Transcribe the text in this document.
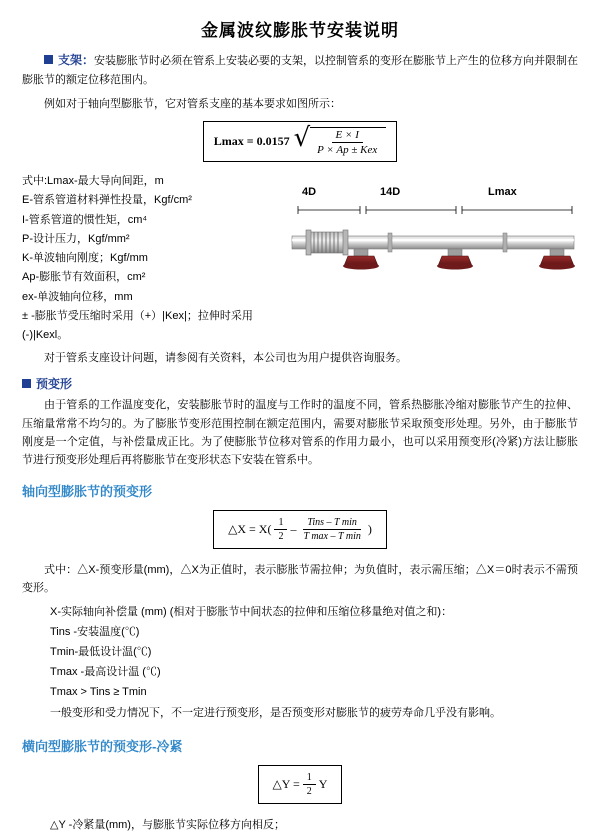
金属波纹膨胀节安装说明

支架：安装膨胀节时必须在管系上安装必要的支架，以控制管系的变形在膨胀节上产生的位移方向并限制在膨胀节的额定位移范围内。

例如对于轴向型膨胀节，它对管系支座的基本要求如图所示：

Lmax = 0.0157 √ $\frac{E \times I}{\text{P × Ap ± Kex}}$
式中:Lmax-最大导向间距，m
E-管系管道材料弹性投量，Kgf/cm²
I-管系管道的惯性矩，cm⁴
P-设计压力，Kgf/mm²
K-单波轴向刚度；Kgf/mm
Ap-膨胀节有效面积，cm²
ex-单波轴向位移，mm
± -膨胀节受压缩时采用（+）|Kex|；拉伸时采用(-)|Kexl。
4D	14D	Lmax

对于管系支座设计问题，请参阅有关资料，本公司也为用户提供咨询服务。

预变形

由于管系的工作温度变化，安装膨胀节时的温度与工作时的温度不同，管系热膨胀冷缩对膨胀节产生的拉伸、压缩量常常不均匀的。为了膨胀节变形范围控制在额定范围内，需要对膨胀节采取预变形处理。另外，由于膨胀节刚度是一个定值，与补偿量成正比。为了使膨胀节位移对管系的作用力最小，也可以采用预变形(冷紧)方法让膨胀节进行预变形处理后再将膨胀节在变形状态下安装在管系中。

轴向型膨胀节的预变形
△X = $X( \frac{1}{2} - \frac{\text{Tins – T min}}{\text{T max – T min}}$ )

式中：△X-预变形量(mm)，△X为正值时，表示膨胀节需拉伸；为负值时，表示需压缩；△X＝0时表示不需预变形。

X-实际轴向补偿量 (mm) (相对于膨胀节中间状态的拉伸和压缩位移量绝对值之和)：

Tins -安装温度(℃)

Tmin-最低设计温(℃)

Tmax -最高设计温 (℃)

Tmax > Tins ≥ Tmin

一般变形和受力情况下，不一定进行预变形，是否预变形对膨胀节的疲劳寿命几乎没有影响。

横向型膨胀节的预变形-冷紧
△Y = $\frac{1}{2}$ Y

△Y -冷紧量(mm)，与膨胀节实际位移方向相反；
